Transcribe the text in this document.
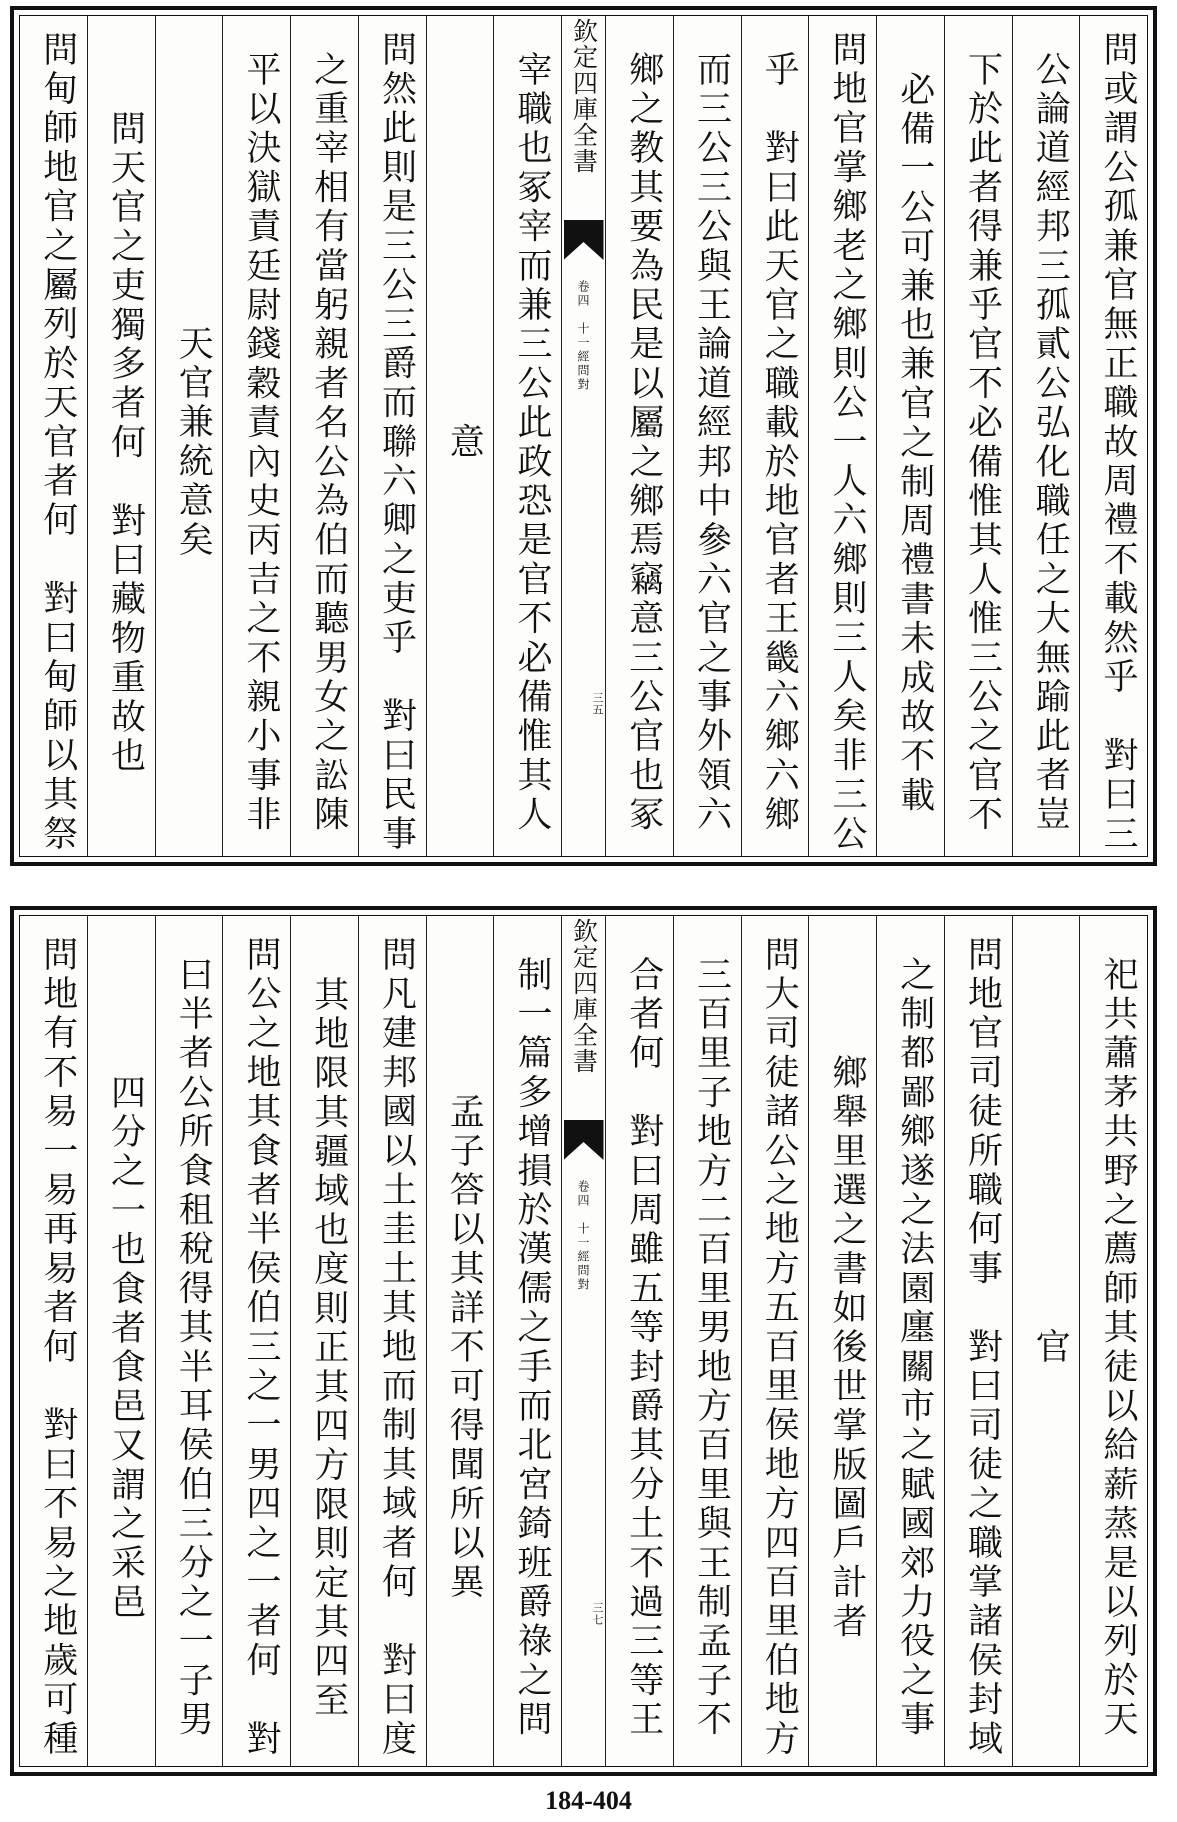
問或謂公孤兼官無正職故周禮不載然乎　對曰三
公論道經邦三孤貳公弘化職任之大無踰此者豈
下於此者得兼乎官不必備惟其人惟三公之官不
必備一公可兼也兼官之制周禮書未成故不載
問地官掌鄉老之鄉則公一人六鄉則三人矣非三公
乎　對曰此天官之職載於地官者王畿六鄉六鄉
而三公三公與王論道經邦中參六官之事外領六
鄉之教其要為民是以屬之鄉焉竊意三公官也冢
欽定四庫全書
卷四　十一經問對
三五
宰職也冢宰而兼三公此政恐是官不必備惟其人
意
問然此則是三公三爵而聯六卿之吏乎　對曰民事
之重宰相有當躬親者名公為伯而聽男女之訟陳
平以決獄責廷尉錢穀責內史丙吉之不親小事非
天官兼統意矣
問天官之吏獨多者何　對曰藏物重故也
問甸師地官之屬列於天官者何　對曰甸師以其祭
祀共蕭茅共野之薦師其徒以給薪蒸是以列於天
官
問地官司徒所職何事　對曰司徒之職掌諸侯封域
之制都鄙鄉遂之法園廛關市之賦國郊力役之事
鄉舉里選之書如後世掌版圖戶計者
問大司徒諸公之地方五百里侯地方四百里伯地方
三百里子地方二百里男地方百里與王制孟子不
合者何　對曰周雖五等封爵其分土不過三等王
欽定四庫全書
卷四　十一經問對
三七
制一篇多增損於漢儒之手而北宮錡班爵祿之問
孟子答以其詳不可得聞所以異
問凡建邦國以土圭土其地而制其域者何　對曰度
其地限其疆域也度則正其四方限則定其四至
問公之地其食者半侯伯三之一男四之一者何　對
曰半者公所食租稅得其半耳侯伯三分之一子男
四分之一也食者食邑又謂之采邑
問地有不易一易再易者何　對曰不易之地歲可種
184-404
